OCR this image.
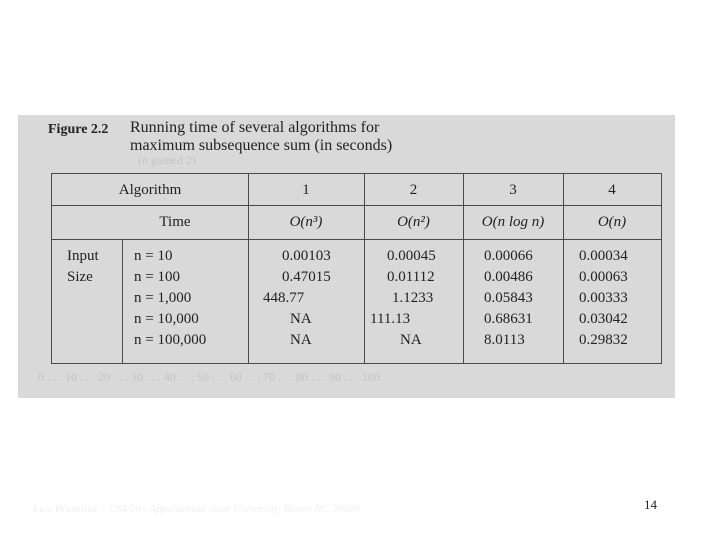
Figure 2.2 Running time of several algorithms for
maximum subsequence sum (in seconds)
(n gained 2)
0 . . . 10 . . . 20 . . . 30 . . . 40 . . . 50 . . . 60 . . . 70 . . . 80 . . . 90 . . . 100
Algorithm	1	2	3	4
Time	O(n³)	O(n²)	O(n log n)	O(n)
Input
Size
n = 10	0.00103	0.00045	0.00066	0.00034
n = 100	0.47015	0.01112	0.00486	0.00063
n = 1,000	448.77	1.1233	0.05843	0.00333
n = 10,000	NA	111.13	0.68631	0.03042
n = 100,000	NA	NA	8.0113	0.29832
Luiz Bruncaux – CS4/50 / Appalachian State University, Boone NC 28608	14
